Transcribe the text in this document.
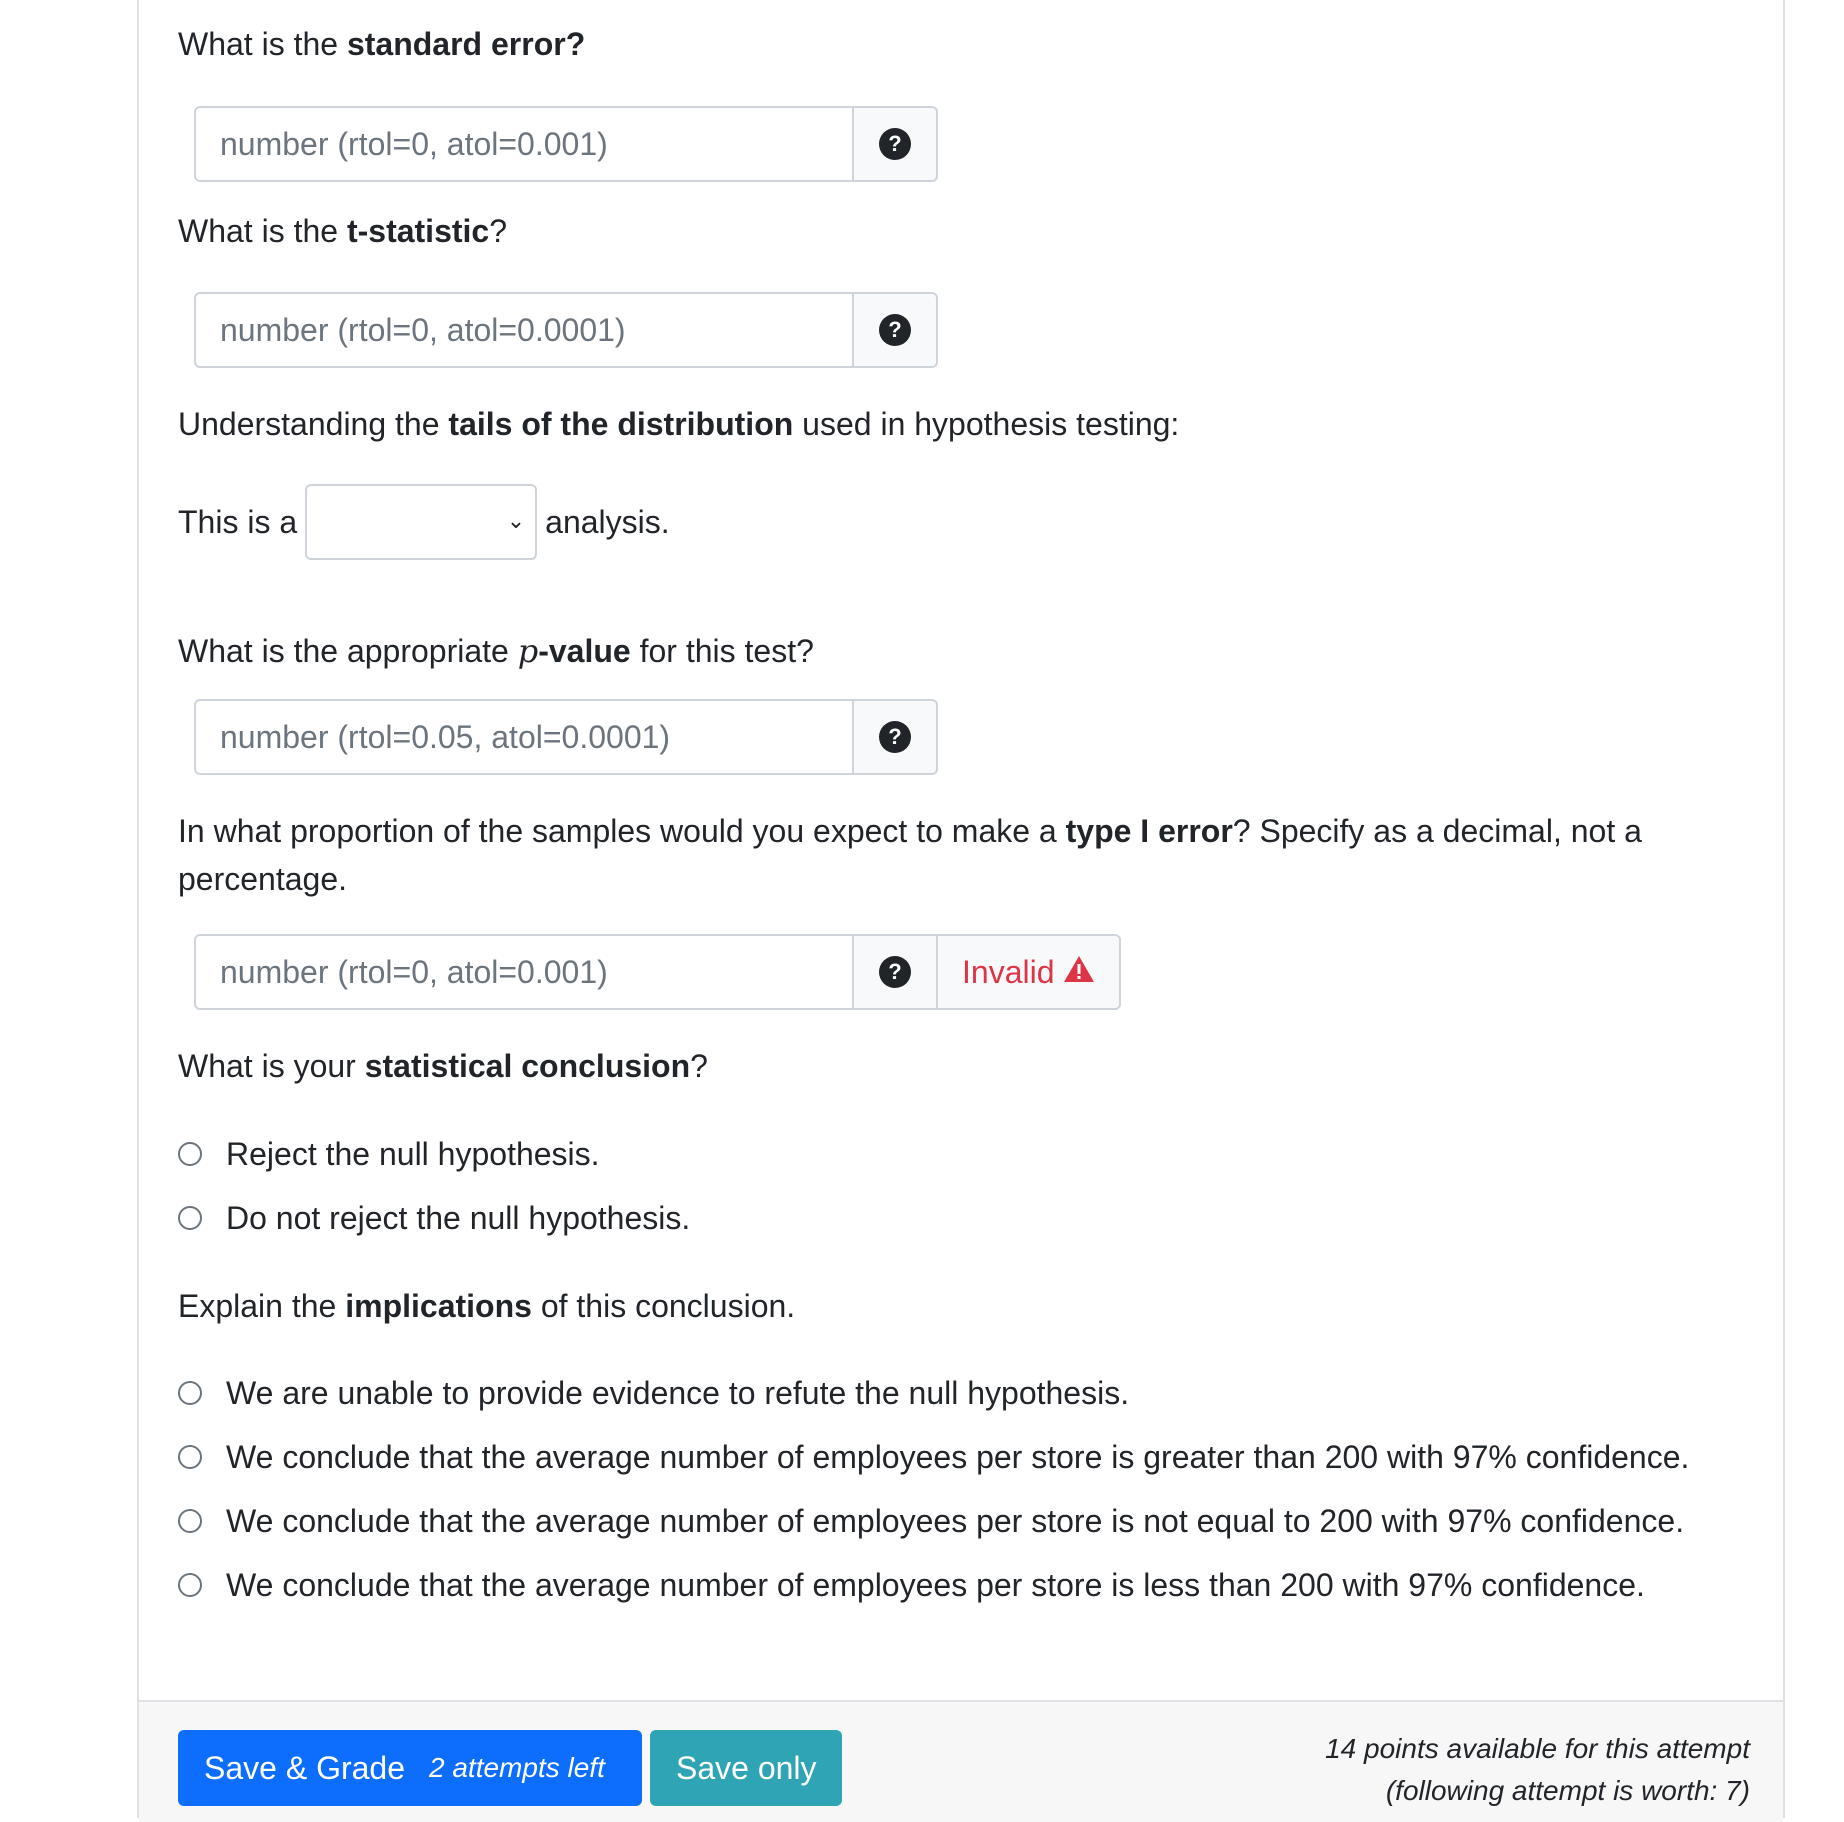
What is the standard error?

number (rtol=0, atol=0.001)
?

What is the t-statistic?

number (rtol=0, atol=0.0001)
?

Understanding the tails of the distribution used in hypothesis testing:

This is a	⌄ analysis.

What is the appropriate p-value for this test?

number (rtol=0.05, atol=0.0001)
?

In what proportion of the samples would you expect to make a type I error? Specify as a decimal, not a percentage.

number (rtol=0, atol=0.001)
? Invalid

What is your statistical conclusion?

Reject the null hypothesis.
Do not reject the null hypothesis.

Explain the implications of this conclusion.

We are unable to provide evidence to refute the null hypothesis.
We conclude that the average number of employees per store is greater than 200 with 97% confidence.
We conclude that the average number of employees per store is not equal to 200 with 97% confidence.
We conclude that the average number of employees per store is less than 200 with 97% confidence.
Save & Grade 2 attempts left Save only
14 points available for this attempt
(following attempt is worth: 7)
